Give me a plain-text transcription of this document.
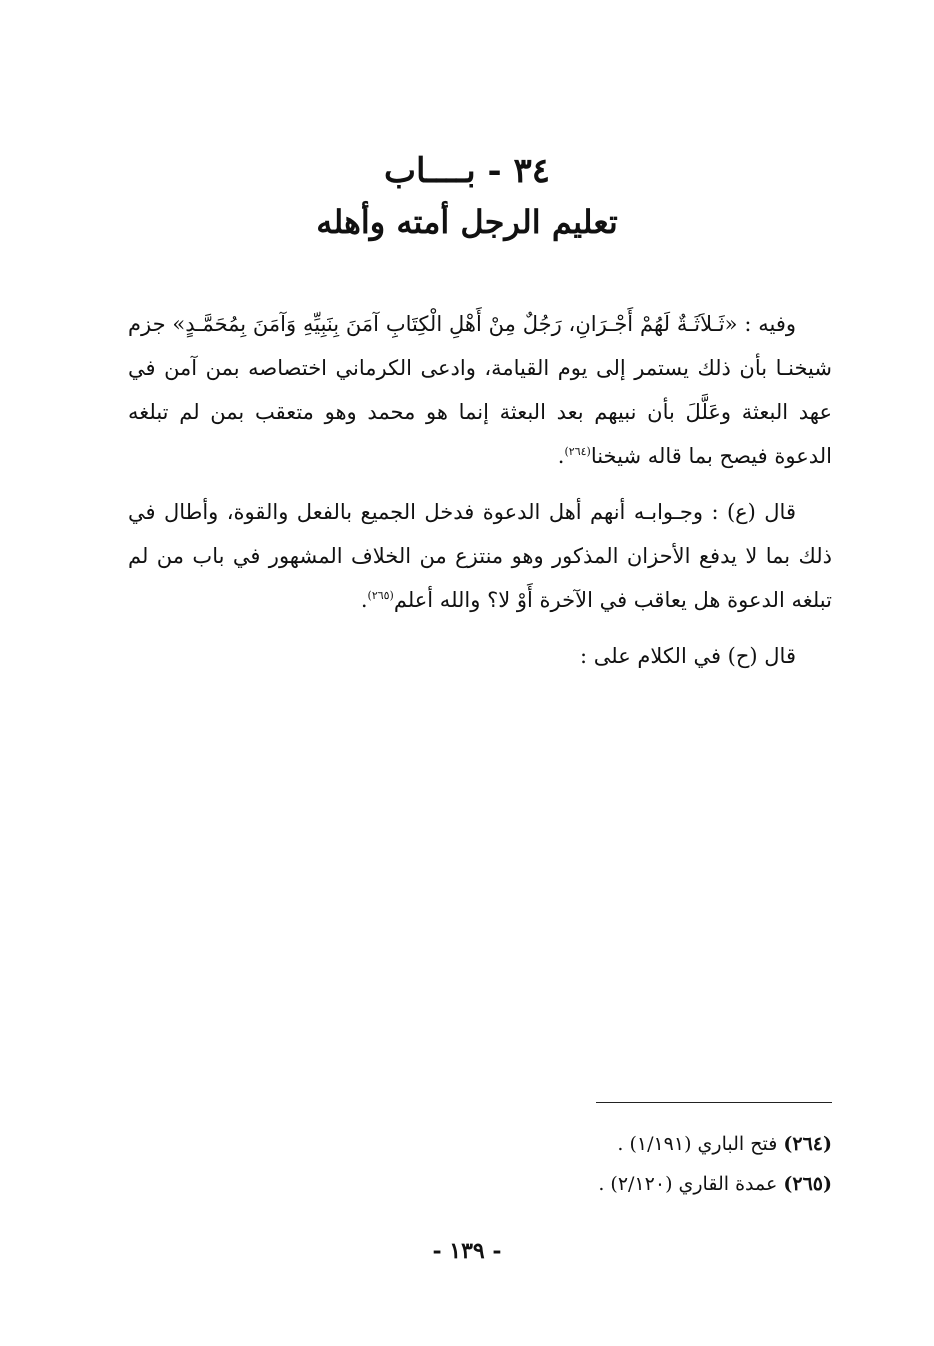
٣٤ - بــــاب
تعليم الرجل أمته وأهله

وفيه : «ثَـلاَثَـةٌ لَهُمْ أَجْـرَانِ، رَجُلٌ مِنْ أَهْلِ الْكِتَابِ آمَنَ بِنَبِيِّهِ وَآمَنَ بِمُحَمَّـدٍ» جزم شيخنـا بأن ذلك يستمر إلى يوم القيامة، وادعى الكرماني اختصاصه بمن آمن في عهد البعثة وعَلَّلَ بأن نبيهم بعد البعثة إنما هو محمد وهو متعقب بمن لم تبلغه الدعوة فيصح بما قاله شيخنا$^{(٢٦٤)}$.

قال (ع) : وجـوابـه أنهم أهل الدعوة فدخل الجميع بالفعل والقوة، وأطال في ذلك بما لا يدفع الأحزان المذكور وهو منتزع من الخلاف المشهور في باب من لم تبلغه الدعوة هل يعاقب في الآخرة أَوْ لا؟ والله أعلم$^{(٢٦٥)}$.

قال (ح) في الكلام على :

(٢٦٤) فتح الباري (١/١٩١) .
(٢٦٥) عمدة القاري (٢/١٢٠) .
- ١٣٩ -
